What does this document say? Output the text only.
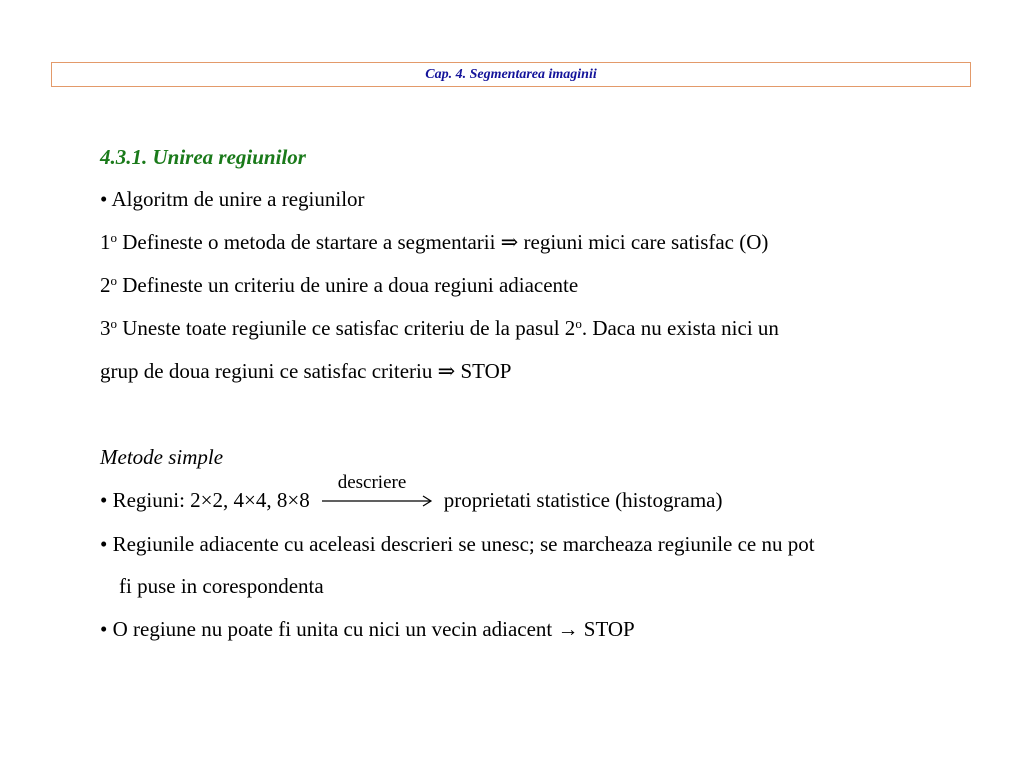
Cap. 4. Segmentarea imaginii
4.3.1. Unirea regiunilor
• Algoritm de unire a regiunilor
1$^o$ Defineste o metoda de startare a segmentarii ⇒ regiuni mici care satisfac (O)
2$^o$ Defineste un criteriu de unire a doua regiuni adiacente
3$^o$ Uneste toate regiunile ce satisfac criteriu de la pasul 2$^o$. Daca nu exista nici un
grup de doua regiuni ce satisfac criteriu ⇒ STOP
Metode simple
• Regiuni: 2×2, 4×4, 8×8
descriere
proprietati statistice (histograma)
• Regiunile adiacente cu aceleasi descrieri se unesc; se marcheaza regiunile ce nu pot
fi puse in corespondenta
• O regiune nu poate fi unita cu nici un vecin adiacent → STOP
